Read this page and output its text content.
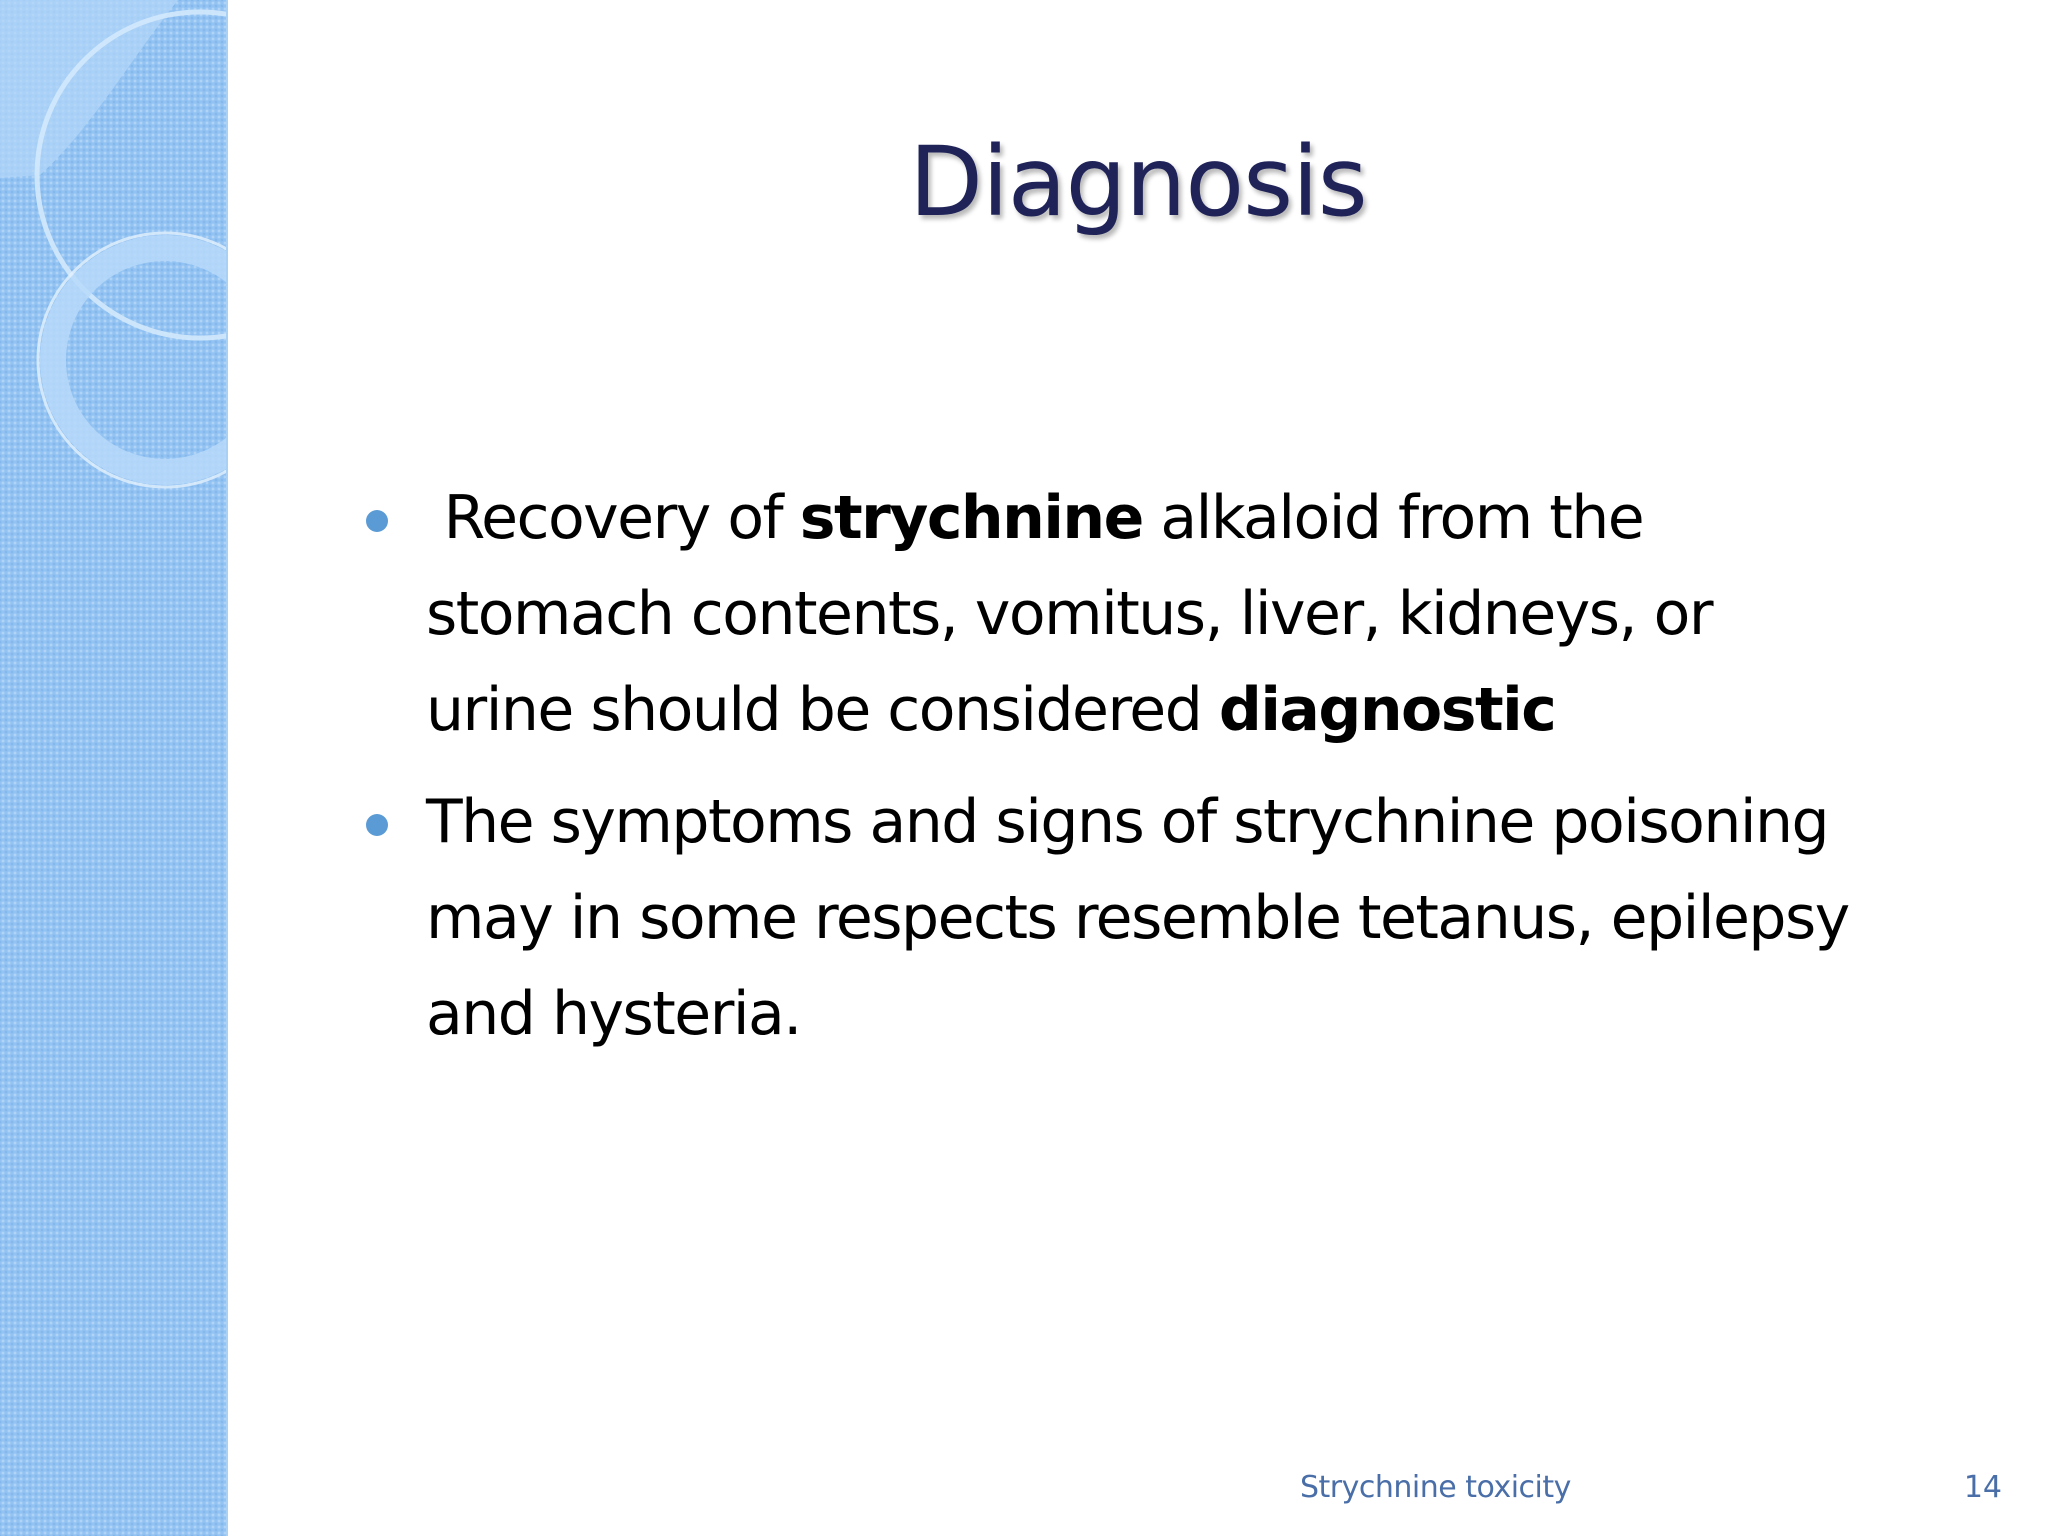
Diagnosis
Recovery of strychnine alkaloid from the stomach contents, vomitus, liver, kidneys, or urine should be considered diagnostic
The symptoms and signs of strychnine poisoning may in some respects resemble tetanus, epilepsy and hysteria.
Strychnine toxicity	14
